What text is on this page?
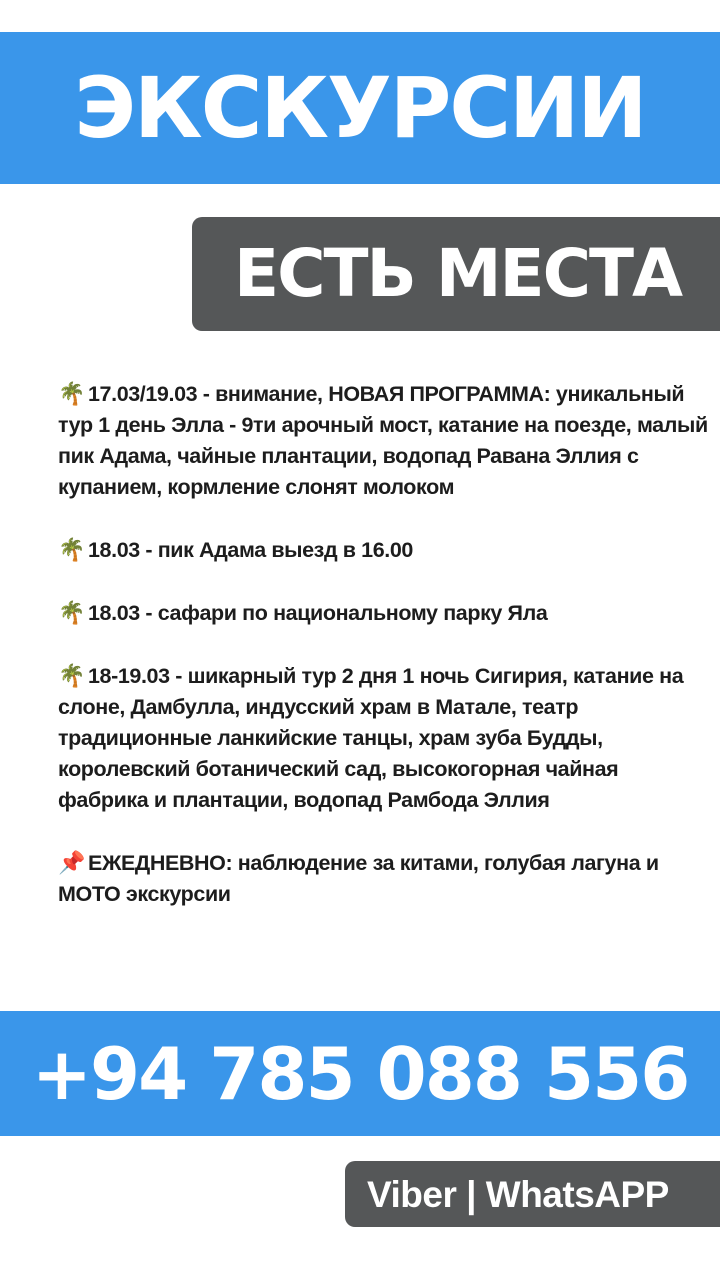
ЭКСКУРСИИ
ЕСТЬ МЕСТА

🌴 17.03/19.03 - внимание, НОВАЯ ПРОГРАММА: уникальный тур 1 день Элла - 9ти арочный мост, катание на поезде, малый пик Адама, чайные плантации, водопад Равана Эллия с купанием, кормление слонят молоком

🌴 18.03 - пик Адама выезд в 16.00

🌴 18.03 - сафари по национальному парку Яла

🌴 18-19.03 - шикарный тур 2 дня 1 ночь Сигирия, катание на слоне, Дамбулла, индусский храм в Матале, театр традиционные ланкийские танцы, храм зуба Будды, королевский ботанический сад, высокогорная чайная фабрика и плантации, водопад Рамбода Эллия

📌 ЕЖЕДНЕВНО: наблюдение за китами, голубая лагуна и МОТО экскурсии

+94 785 088 556
Viber | WhatsAPP
